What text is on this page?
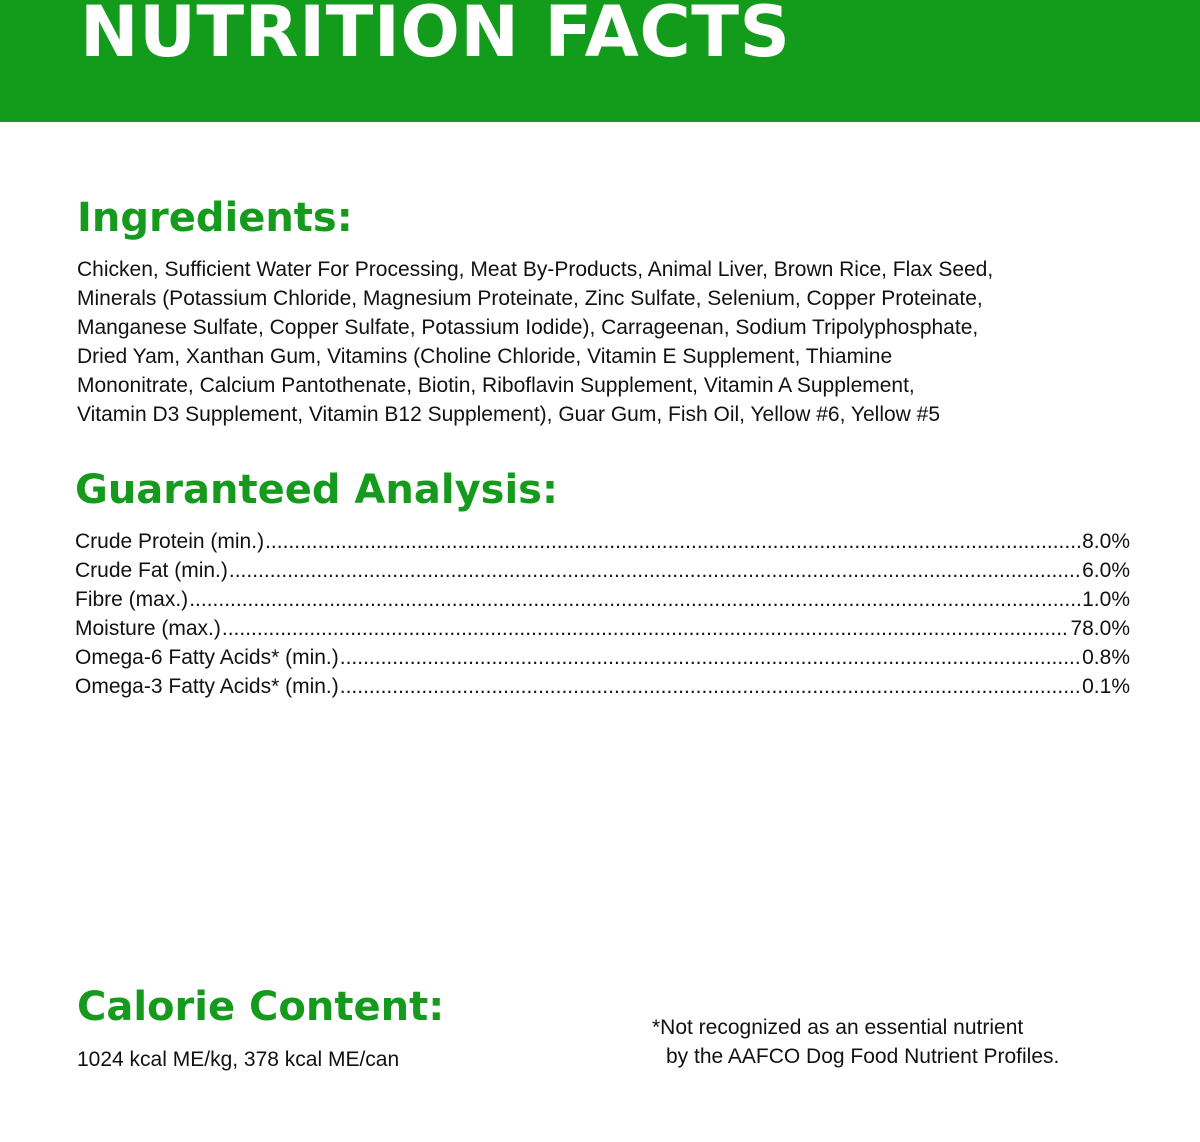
NUTRITION FACTS
Ingredients:

Chicken, Sufficient Water For Processing, Meat By-Products, Animal Liver, Brown Rice, Flax Seed,
Minerals (Potassium Chloride, Magnesium Proteinate, Zinc Sulfate, Selenium, Copper Proteinate,
Manganese Sulfate, Copper Sulfate, Potassium Iodide), Carrageenan, Sodium Tripolyphosphate,
Dried Yam, Xanthan Gum, Vitamins (Choline Chloride, Vitamin E Supplement, Thiamine
Mononitrate, Calcium Pantothenate, Biotin, Riboflavin Supplement, Vitamin A Supplement,
Vitamin D3 Supplement, Vitamin B12 Supplement), Guar Gum, Fish Oil, Yellow #6, Yellow #5

Guaranteed Analysis:
Crude Protein (min.) .....	8.0%
Crude Fat (min.) .....	6.0%
Fibre (max.) .....	1.0%
Moisture (max.) .....	78.0%
Omega-6 Fatty Acids* (min.) .....	0.8%
Omega-3 Fatty Acids* (min.) .....	0.1%
Calorie Content:

1024 kcal ME/kg, 378 kcal ME/can

*Not recognized as an essential nutrient
by the AAFCO Dog Food Nutrient Profiles.
